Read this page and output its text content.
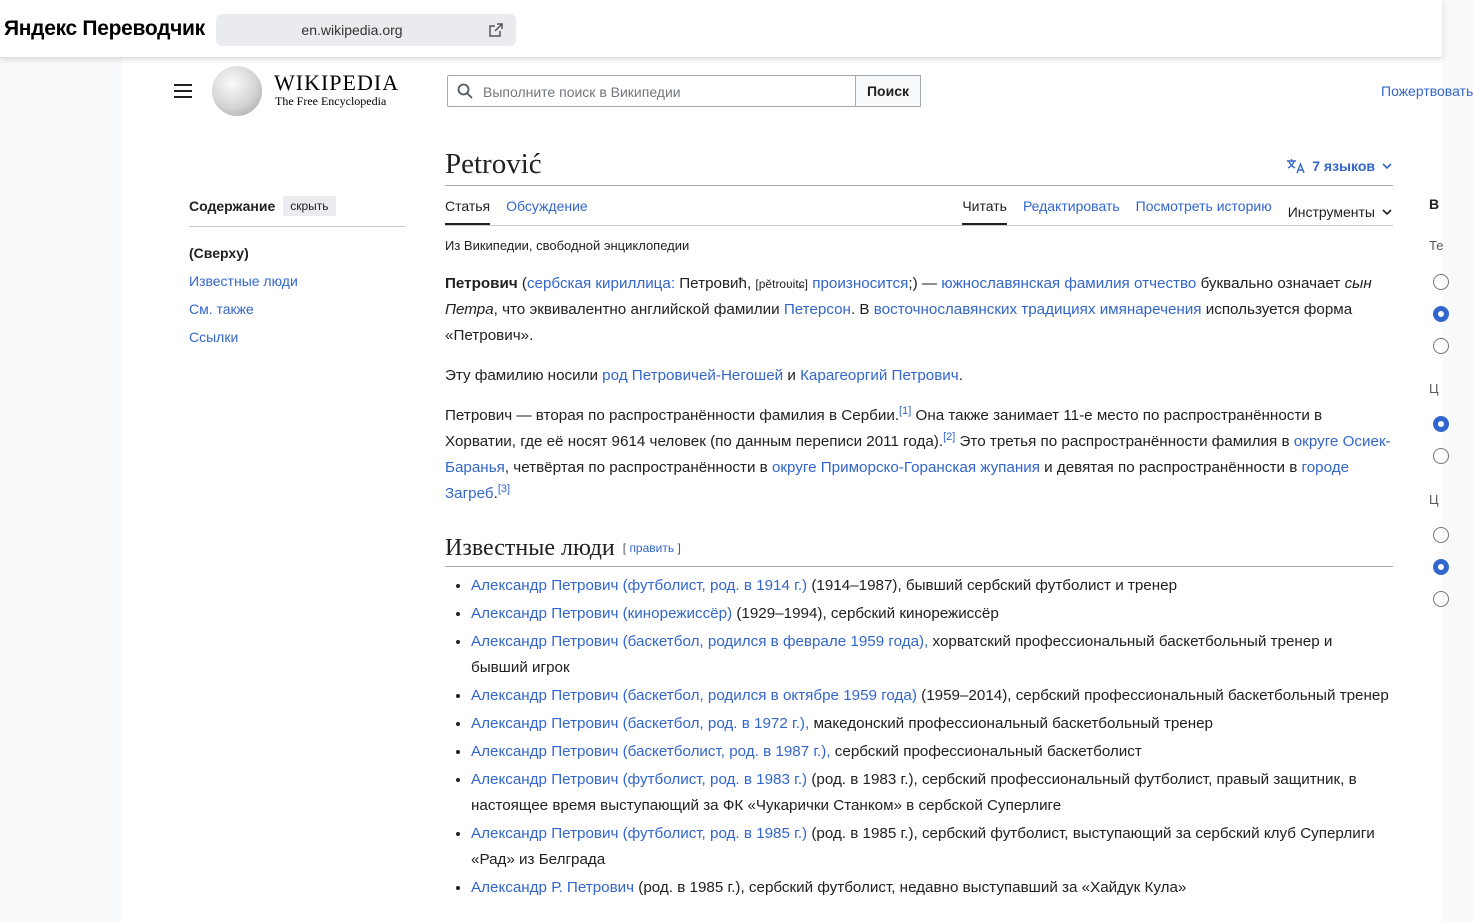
Яндекс Переводчик	en.wikipedia.org
WIKIPEDIA
The Free Encyclopedia
Выполните поиск в Википедии	Поиск	Пожертвовать
Содержание	скрыть
(Сверху)
Известные люди
См. также
Ссылки
Petrović	7 языков
Статья Обсуждение	Читать Редактировать Посмотреть историю Инструменты
Из Википедии, свободной энциклопедии

Петрович (сербская кириллица: Петровић, [pětroʋitɕ] произносится;) — южнославянская фамилия отчество буквально означает сын Петра, что эквивалентно английской фамилии Петерсон. В восточнославянских традициях имянаречения используется форма «Петрович».

Эту фамилию носили род Петровичей-Негошей и Карагеоргий Петрович.

Петрович — вторая по распространённости фамилия в Сербии.[1] Она также занимает 11-е место по распространённости в Хорватии, где её носят 9614 человек (по данным переписи 2011 года).[2] Это третья по распространённости фамилия в округе Осиек-Баранья, четвёртая по распространённости в округе Приморско-Горанская жупания и девятая по распространённости в городе Загреб.[3]

Известные люди [ править ]
• Александр Петрович (футболист, род. в 1914 г.) (1914–1987), бывший сербский футболист и тренер
• Александр Петрович (кинорежиссёр) (1929–1994), сербский кинорежиссёр
• Александр Петрович (баскетбол, родился в феврале 1959 года), хорватский профессиональный баскетбольный тренер и бывший игрок
• Александр Петрович (баскетбол, родился в октябре 1959 года) (1959–2014), сербский профессиональный баскетбольный тренер
• Александр Петрович (баскетбол, род. в 1972 г.), македонский профессиональный баскетбольный тренер
• Александр Петрович (баскетболист, род. в 1987 г.), сербский профессиональный баскетболист
• Александр Петрович (футболист, род. в 1983 г.) (род. в 1983 г.), сербский профессиональный футболист, правый защитник, в настоящее время выступающий за ФК «Чукарички Станком» в сербской Суперлиге
• Александр Петрович (футболист, род. в 1985 г.) (род. в 1985 г.), сербский футболист, выступающий за сербский клуб Суперлиги «Рад» из Белграда
• Александр Р. Петрович (род. в 1985 г.), сербский футболист, недавно выступавший за «Хайдук Кула»
В
Те
Ц
Ц
